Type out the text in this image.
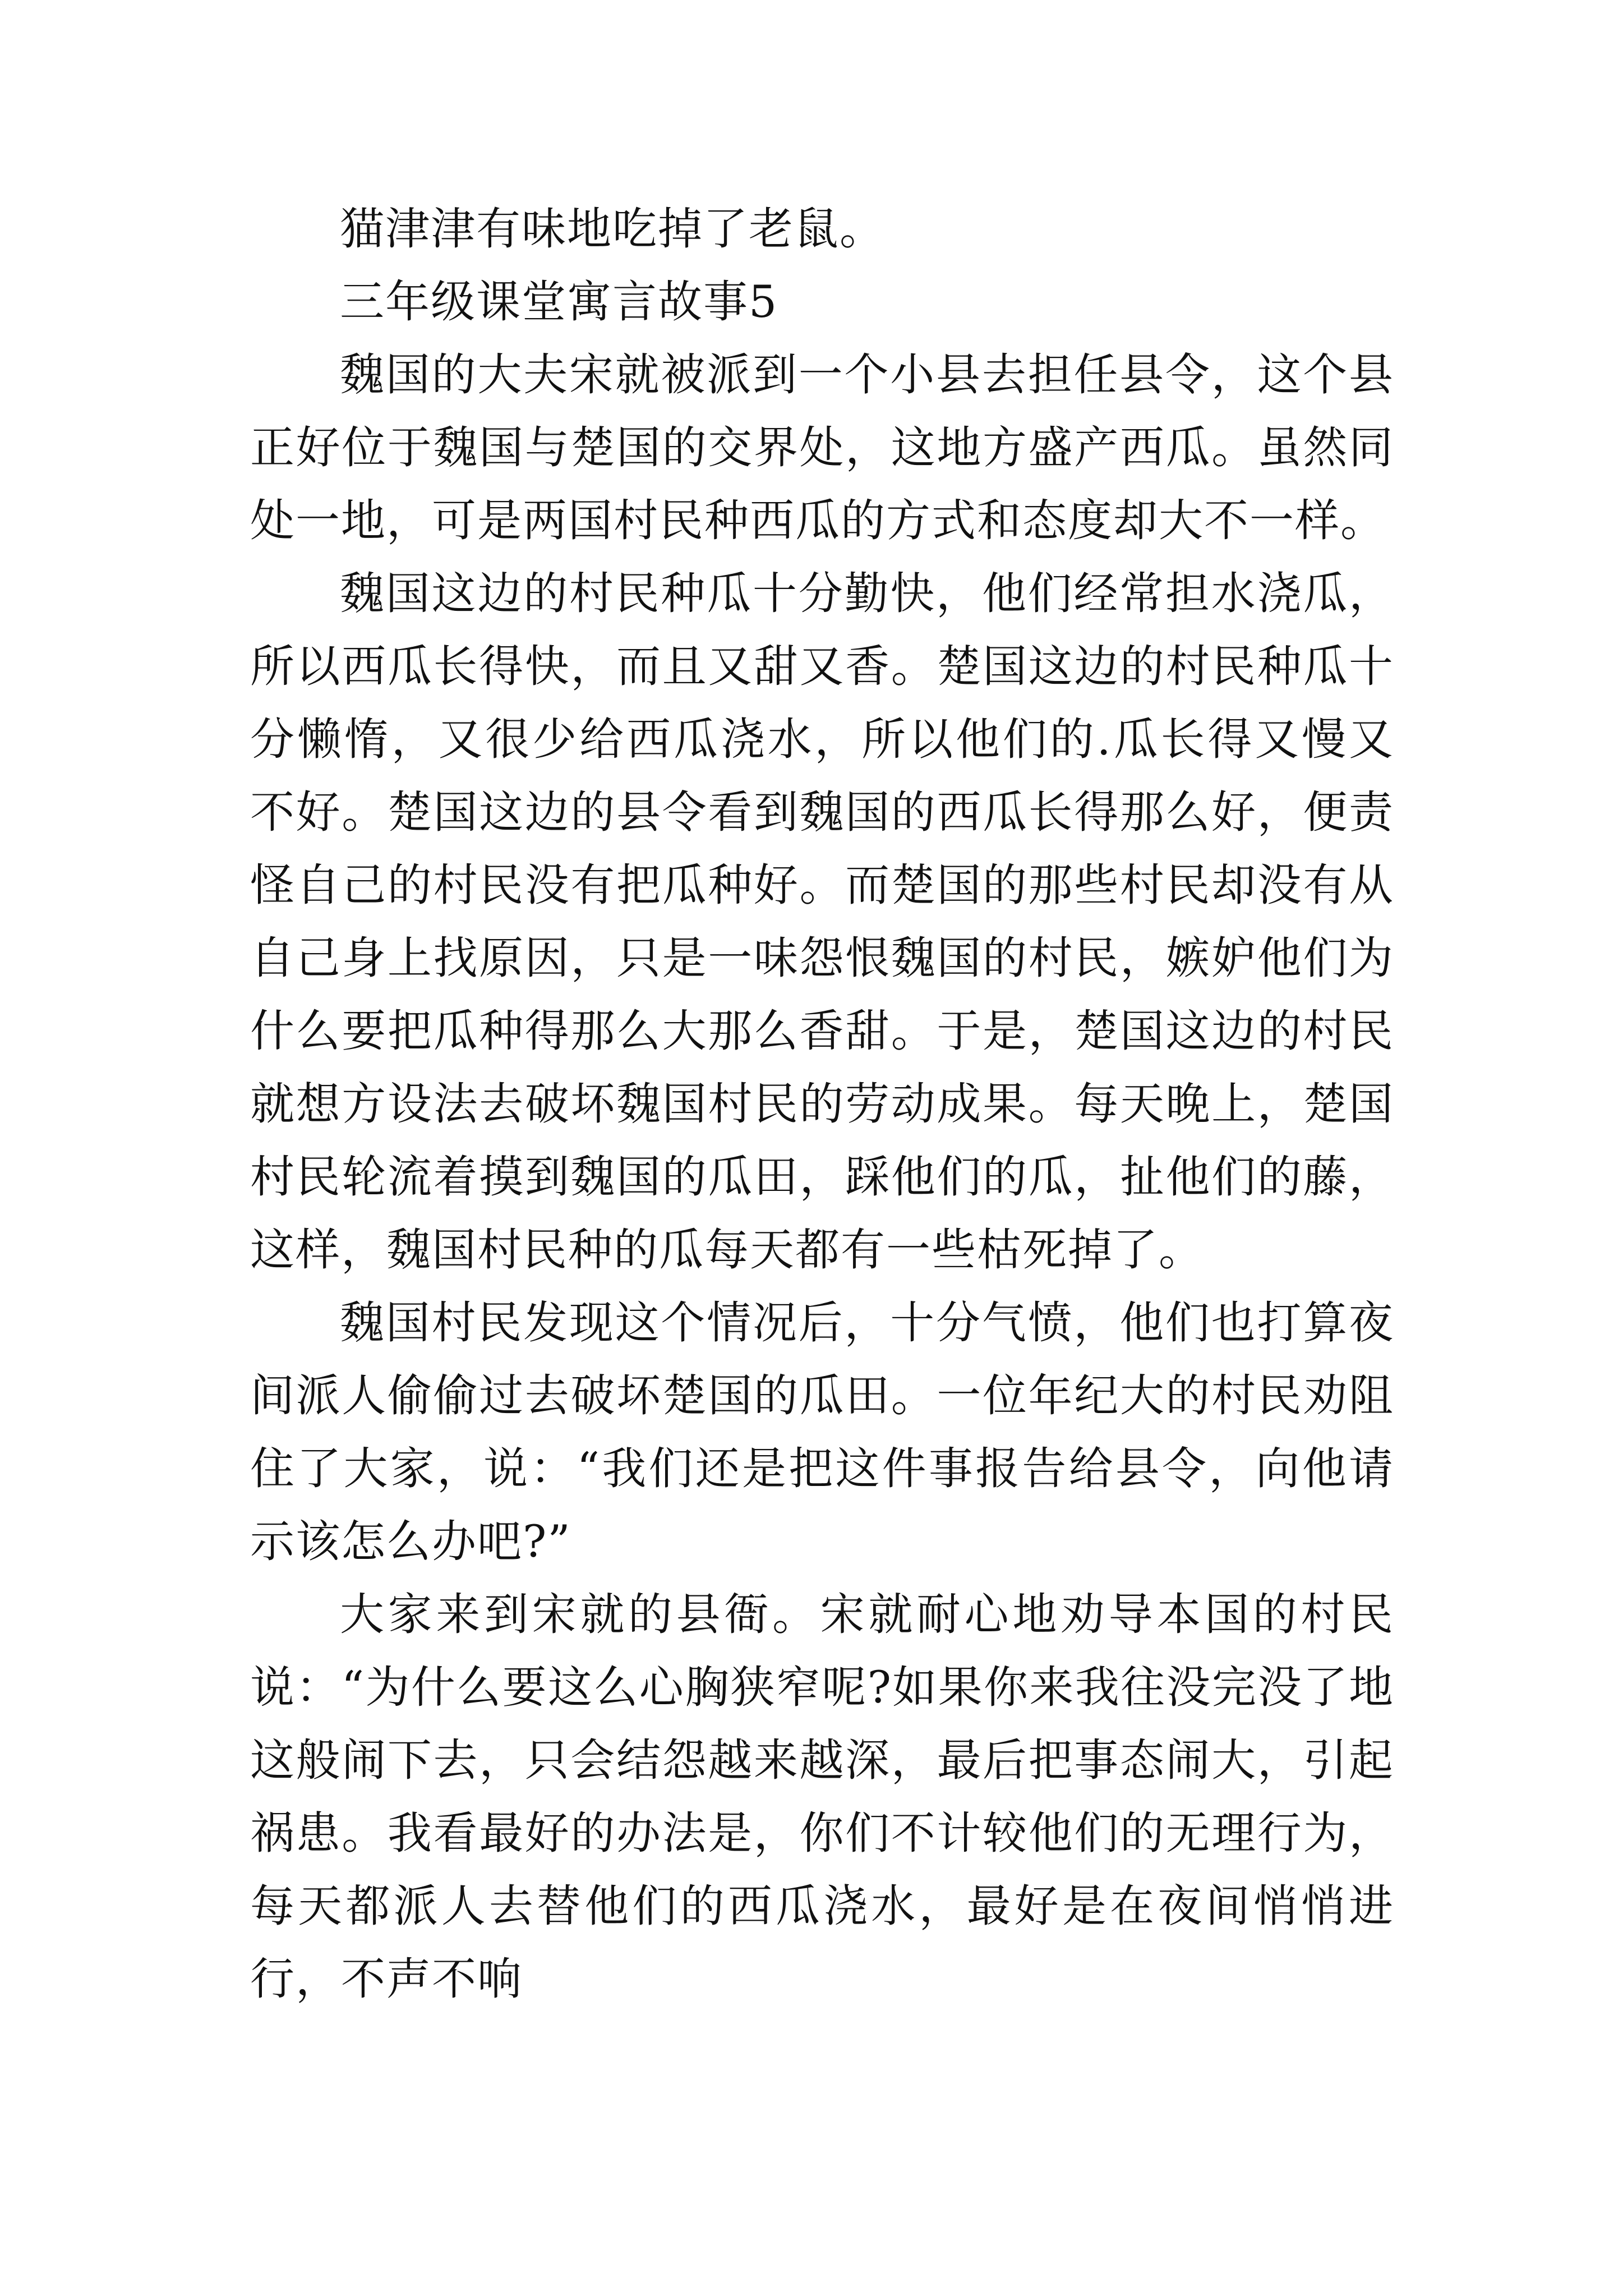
猫津津有味地吃掉了老鼠。

三年级课堂寓言故事5

魏国的大夫宋就被派到一个小县去担任县令，这个县正好位于魏国与楚国的交界处，这地方盛产西瓜。虽然同处一地，可是两国村民种西瓜的方式和态度却大不一样。

魏国这边的村民种瓜十分勤快，他们经常担水浇瓜，所以西瓜长得快，而且又甜又香。楚国这边的村民种瓜十分懒惰，又很少给西瓜浇水，所以他们的.瓜长得又慢又不好。楚国这边的县令看到魏国的西瓜长得那么好，便责怪自己的村民没有把瓜种好。而楚国的那些村民却没有从自己身上找原因，只是一味怨恨魏国的村民，嫉妒他们为什么要把瓜种得那么大那么香甜。于是，楚国这边的村民就想方设法去破坏魏国村民的劳动成果。每天晚上，楚国村民轮流着摸到魏国的瓜田，踩他们的瓜，扯他们的藤，这样，魏国村民种的瓜每天都有一些枯死掉了。

魏国村民发现这个情况后，十分气愤，他们也打算夜间派人偷偷过去破坏楚国的瓜田。一位年纪大的村民劝阻住了大家，说：“我们还是把这件事报告给县令，向他请示该怎么办吧?”

大家来到宋就的县衙。宋就耐心地劝导本国的村民说：“为什么要这么心胸狭窄呢?如果你来我往没完没了地这般闹下去，只会结怨越来越深，最后把事态闹大，引起祸患。我看最好的办法是，你们不计较他们的无理行为，每天都派人去替他们的西瓜浇水，最好是在夜间悄悄进行，不声不响
